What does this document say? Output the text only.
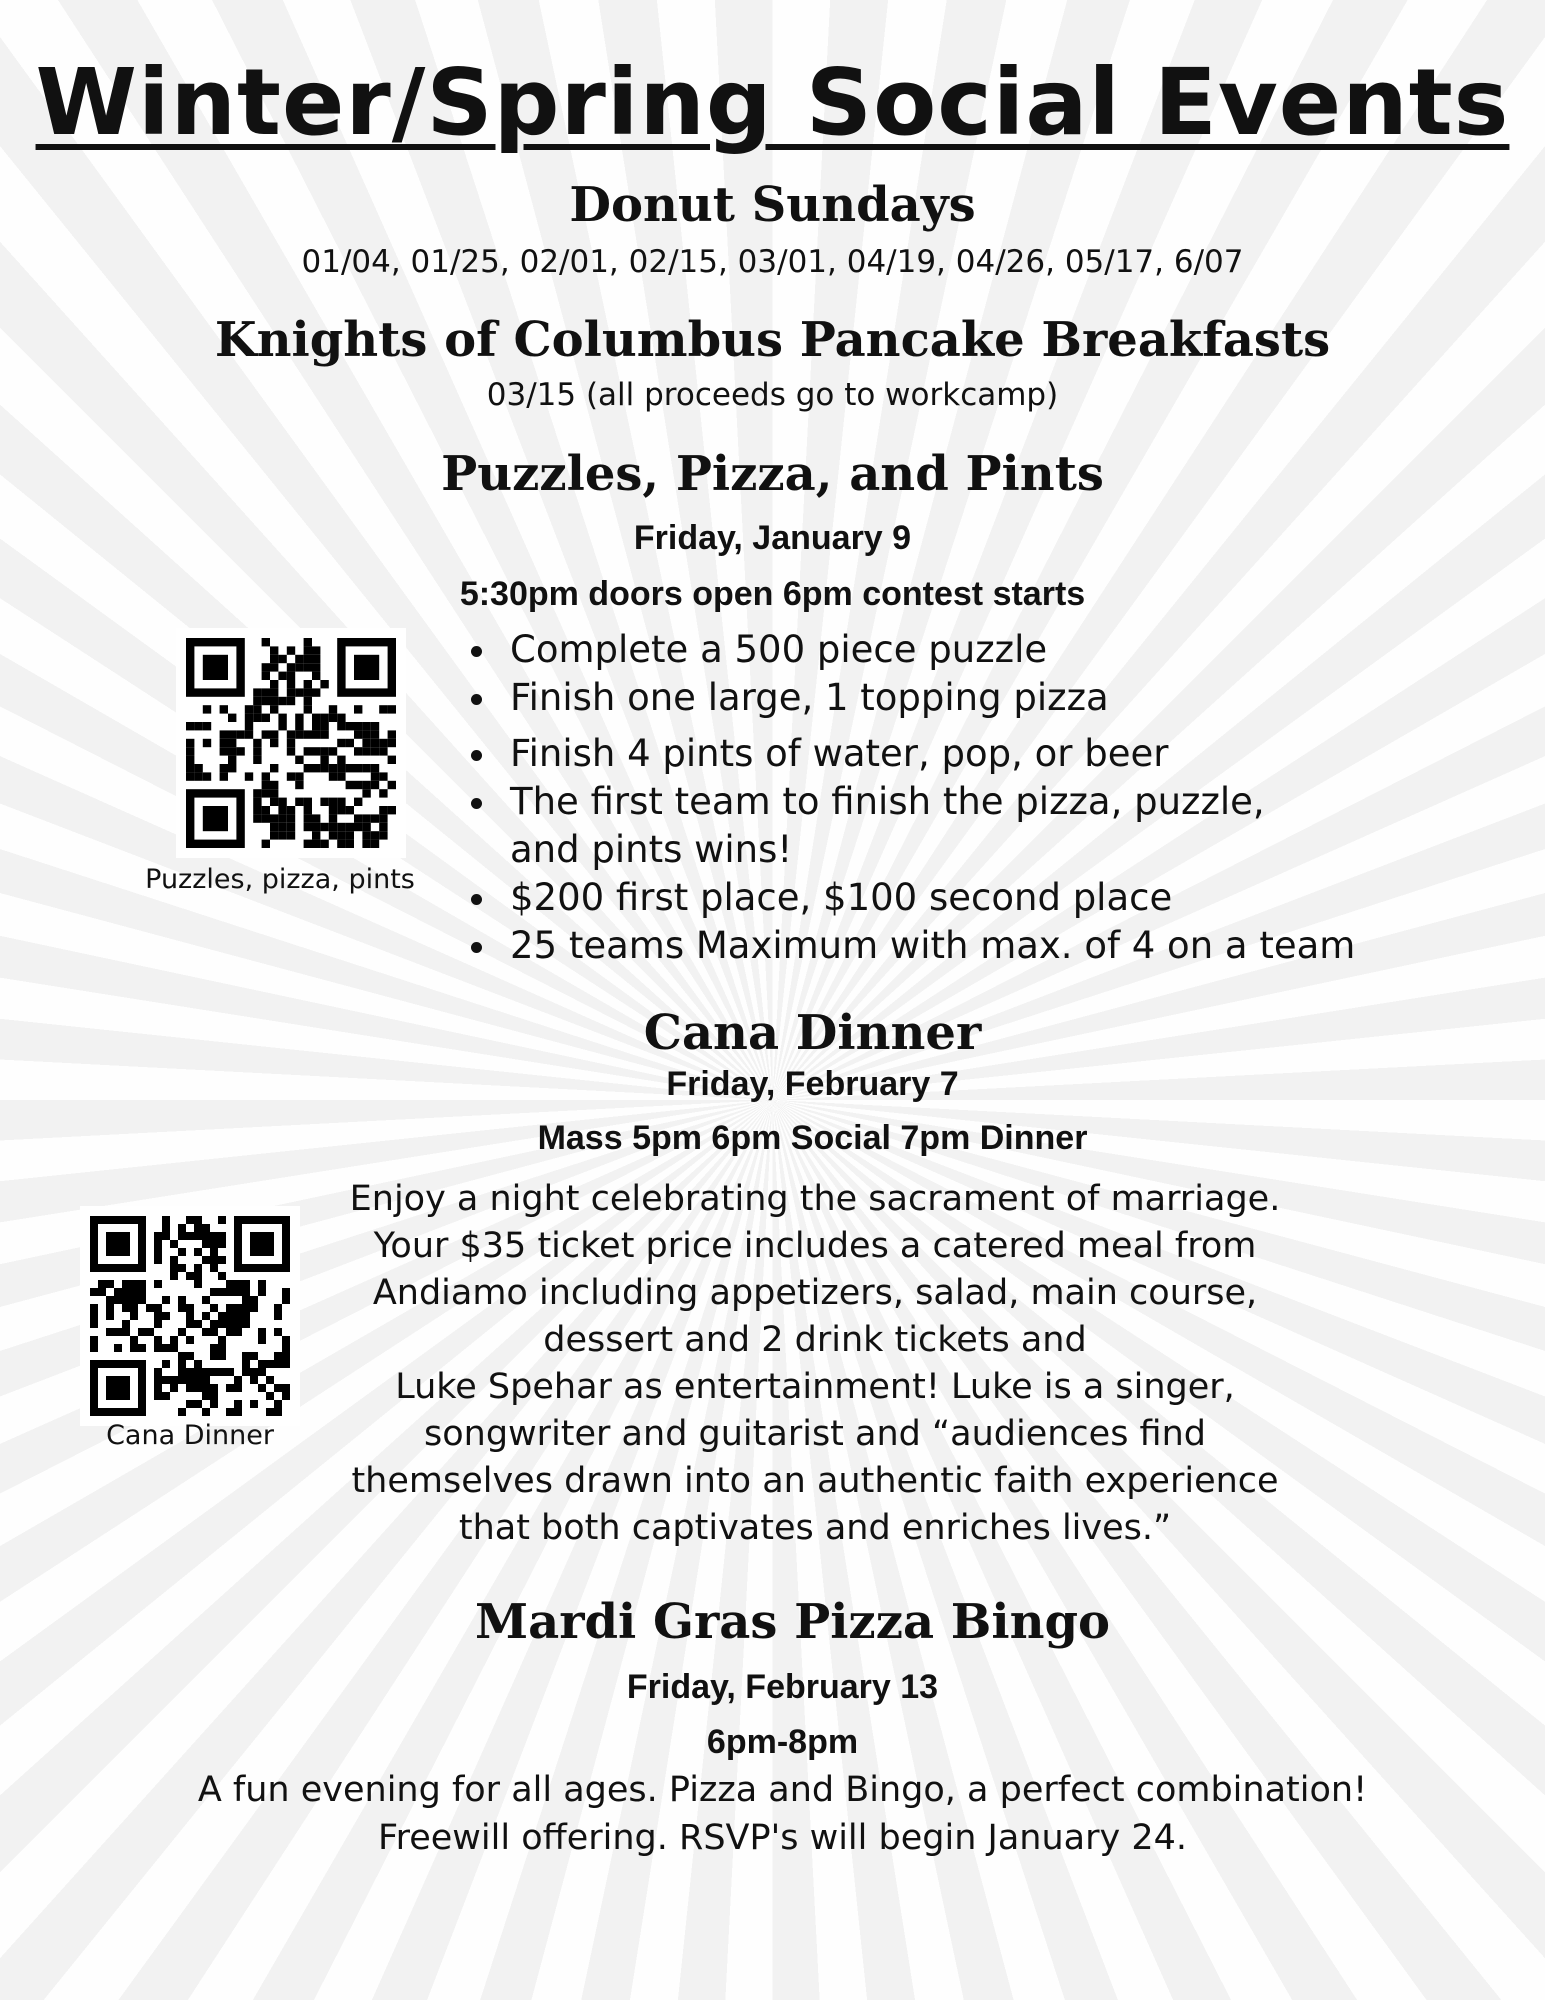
Winter/Spring Social Events
Donut Sundays
01/04, 01/25, 02/01, 02/15, 03/01, 04/19, 04/26, 05/17, 6/07
Knights of Columbus Pancake Breakfasts
03/15 (all proceeds go to workcamp)
Puzzles, Pizza, and Pints
Friday, January 9
5:30pm doors open 6pm contest starts
Puzzles, pizza, pints
• Complete a 500 piece puzzle
• Finish one large, 1 topping pizza
• Finish 4 pints of water, pop, or beer
• The first team to finish the pizza, puzzle, and pints wins!
• $200 first place, $100 second place
• 25 teams Maximum with max. of 4 on a team
Cana Dinner
Friday, February 7
Mass 5pm 6pm Social 7pm Dinner
Cana Dinner
Enjoy a night celebrating the sacrament of marriage.
Your $35 ticket price includes a catered meal from
Andiamo including appetizers, salad, main course,
dessert and 2 drink tickets and
Luke Spehar as entertainment! Luke is a singer,
songwriter and guitarist and “audiences find
themselves drawn into an authentic faith experience
that both captivates and enriches lives.”
Mardi Gras Pizza Bingo
Friday, February 13
6pm-8pm
A fun evening for all ages. Pizza and Bingo, a perfect combination!
Freewill offering. RSVP's will begin January 24.
